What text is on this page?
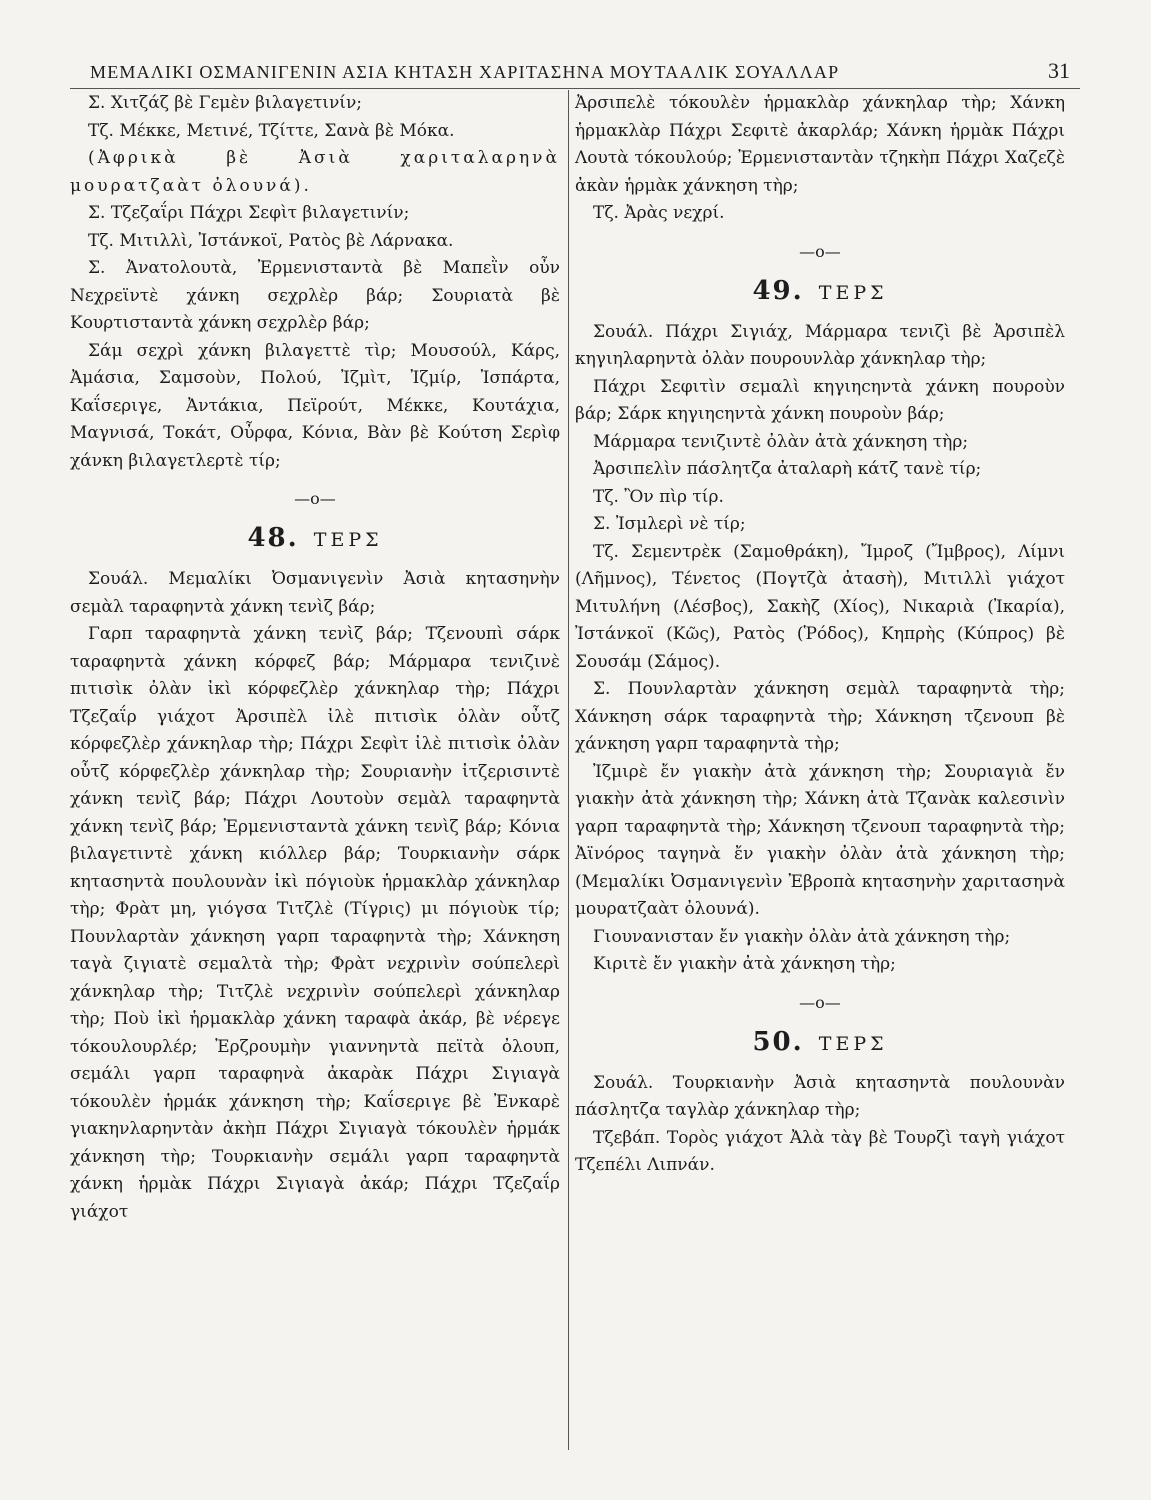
ΜΕΜΑΛΙΚΙ ΟΣΜΑΝΙΓΕΝΙΝ ΑΣΙΑ ΚΗΤΑΣΗ ΧΑΡΙΤΑΣΗΝΑ ΜΟΥΤΑΑΛΙΚ ΣΟΥΑΛΛΑΡ	31

Σ. Χιτζάζ βὲ Γεμὲν βιλαγετινίν;

Τζ. Μέκκε, Μετινέ, Τζίττε, Σανὰ βὲ Μόκα.

(Ἀφρικὰ βὲ Ἀσιὰ χαριταλαρηνὰ μουρατζαὰτ ὀλουνά).

Σ. Τζεζαΐρι Πάχρι Σεφὶτ βιλαγετινίν;

Τζ. Μιτιλλὶ, Ἰστάνκοϊ, Ρατὸς βὲ Λάρνακα.

Σ. Ἀνατολουτὰ, Ἐρμενισταντὰ βὲ Μαπεῒν οὖν Νεχρεϊντὲ χάνκη σεχρλὲρ βάρ; Σουριατὰ βὲ Κουρτισταντὰ χάνκη σεχρλὲρ βάρ;

Σάμ σεχρὶ χάνκη βιλαγεττὲ τὶρ; Μουσούλ, Κάρς, Ἀμάσια, Σαμσοὺν, Πολού, Ἰζμὶτ, Ἰζμίρ, Ἰσπάρτα, Καΐσεριγε, Ἀντάκια, Πεϊρούτ, Μέκκε, Κουτάχια, Μαγνισά, Τοκάτ, Οὖρφα, Κόνια, Βὰν βὲ Κούτση Σερὶφ χάνκη βιλαγετλερτὲ τίρ;

—o—
48. ΤΕΡΣ

Σουάλ. Μεμαλίκι Ὀσμανιγενὶν Ἀσιὰ κητασηνὴν σεμὰλ ταραφηντὰ χάνκη τενὶζ βάρ;

Γαρπ ταραφηντὰ χάνκη τενὶζ βάρ; Τζενουπὶ σάρκ ταραφηντὰ χάνκη κόρφεζ βάρ; Μάρμαρα τενιζινὲ πιτισὶκ ὀλὰν ἰκὶ κόρφεζλὲρ χάνκηλαρ τὴρ; Πάχρι Τζεζαΐρ γιάχοτ Ἀρσιπὲλ ἰλὲ πιτισὶκ ὀλὰν οὖτζ κόρφεζλὲρ χάνκηλαρ τὴρ; Πάχρι Σεφὶτ ἰλὲ πιτισὶκ ὀλὰν οὖτζ κόρφεζλὲρ χάνκηλαρ τὴρ; Σουριανὴν ἰτζερισιντὲ χάνκη τενὶζ βάρ; Πάχρι Λουτοὺν σεμὰλ ταραφηντὰ χάνκη τενὶζ βάρ; Ἐρμενισταντὰ χάνκη τενὶζ βάρ; Κόνια βιλαγετιντὲ χάνκη κιόλλερ βάρ; Τουρκιανὴν σάρκ κητασηντὰ πουλουνὰν ἰκὶ πόγιοὺκ ἡρμακλὰρ χάνκηλαρ τὴρ; Φρὰτ μη, γιόγσα Τιτζλὲ (Τίγρις) μι πόγιοὺκ τίρ; Πουνλαρτὰν χάνκηση γαρπ ταραφηντὰ τὴρ; Χάνκηση ταγὰ ζιγιατὲ σεμαλτὰ τὴρ; Φρὰτ νεχρινὶν σούπελερὶ χάνκηλαρ τὴρ; Τιτζλὲ νεχρινὶν σούπελερὶ χάνκηλαρ τὴρ; Ποὺ ἰκὶ ἡρμακλὰρ χάνκη ταραφὰ ἀκάρ, βὲ νέρεγε τόκουλουρλέρ; Ἐρζρουμὴν γιαννηντὰ πεϊτὰ ὀλουπ, σεμάλι γαρπ ταραφηνὰ ἀκαρὰκ Πάχρι Σιγιαγὰ τόκουλὲν ἡρμάκ χάνκηση τὴρ; Καΐσεριγε βὲ Ἐνκαρὲ γιακηνλαρηντὰν ἀκὴπ Πάχρι Σιγιαγὰ τόκουλὲν ἡρμάκ χάνκηση τὴρ; Τουρκιανὴν σεμάλι γαρπ ταραφηντὰ χάνκη ἡρμὰκ Πάχρι Σιγιαγὰ ἀκάρ; Πάχρι Τζεζαΐρ γιάχοτ

Ἀρσιπελὲ τόκουλὲν ἡρμακλὰρ χάνκηλαρ τὴρ; Χάνκη ἡρμακλὰρ Πάχρι Σεφιτὲ ἀκαρλάρ; Χάνκη ἡρμὰκ Πάχρι Λουτὰ τόκουλούρ; Ἐρμενισταντὰν τζηκὴπ Πάχρι Χαζεζὲ ἀκὰν ἡρμὰκ χάνκηση τὴρ;

Τζ. Ἀρὰς νεχρί.

—o—
49. ΤΕΡΣ

Σουάλ. Πάχρι Σιγιάχ, Μάρμαρα τενιζὶ βὲ Ἀρσιπὲλ κηγιηλαρηντὰ ὀλὰν πουρουνλὰρ χάνκηλαρ τὴρ;

Πάχρι Σεφιτὶν σεμαλὶ κηγιηсηντὰ χάνκη πουροὺν βάρ; Σάρκ κηγιηсηντὰ χάνκη πουροὺν βάρ;

Μάρμαρα τενιζιντὲ ὀλὰν ἀτὰ χάνκηση τὴρ;

Ἀρσιπελὶν πάσλητζα ἀταλαρὴ κάτζ τανὲ τίρ;

Τζ. Ὂν πὶρ τίρ.

Σ. Ἰσμλερὶ νὲ τίρ;

Τζ. Σεμεντρὲκ (Σαμοθράκη), Ἴμροζ (Ἴμβρος), Λίμνι (Λῆμνος), Τένετος (Πογτζὰ ἀτασὴ), Μιτιλλὶ γιάχοτ Μιτυλήνη (Λέσβος), Σακὴζ (Χίος), Νικαριὰ (Ἰκαρία), Ἰστάνκοϊ (Κῶς), Ρατὸς (Ῥόδος), Κηπρὴς (Κύπρος) βὲ Σουσάμ (Σάμος).

Σ. Πουνλαρτὰν χάνκηση σεμὰλ ταραφηντὰ τὴρ; Χάνκηση σάρκ ταραφηντὰ τὴρ; Χάνκηση τζενουπ βὲ χάνκηση γαρπ ταραφηντὰ τὴρ;

Ἰζμιρὲ ἔν γιακὴν ἀτὰ χάνκηση τὴρ; Σουριαγιὰ ἔν γιακὴν ἀτὰ χάνκηση τὴρ; Χάνκη ἀτὰ Τζανὰκ καλεσινὶν γαρπ ταραφηντὰ τὴρ; Χάνκηση τζενουπ ταραφηντὰ τὴρ; Ἀϊνόρος ταγηνὰ ἔν γιακὴν ὀλὰν ἀτὰ χάνκηση τὴρ; (Μεμαλίκι Ὀσμανιγενὶν Ἐβροπὰ κητασηνὴν χαριτασηνὰ μουρατζαὰτ ὀλουνά).

Γιουνανισταν ἔν γιακὴν ὀλὰν ἀτὰ χάνκηση τὴρ;

Κιριτὲ ἔν γιακὴν ἀτὰ χάνκηση τὴρ;

—o—
50. ΤΕΡΣ

Σουάλ. Τουρκιανὴν Ἀσιὰ κητασηντὰ πουλουνὰν πάσλητζα ταγλὰρ χάνκηλαρ τὴρ;

Τζεβάπ. Τορὸς γιάχοτ Ἀλὰ τὰγ βὲ Τουρζὶ ταγὴ γιάχοτ Τζεπέλι Λιπνάν.
